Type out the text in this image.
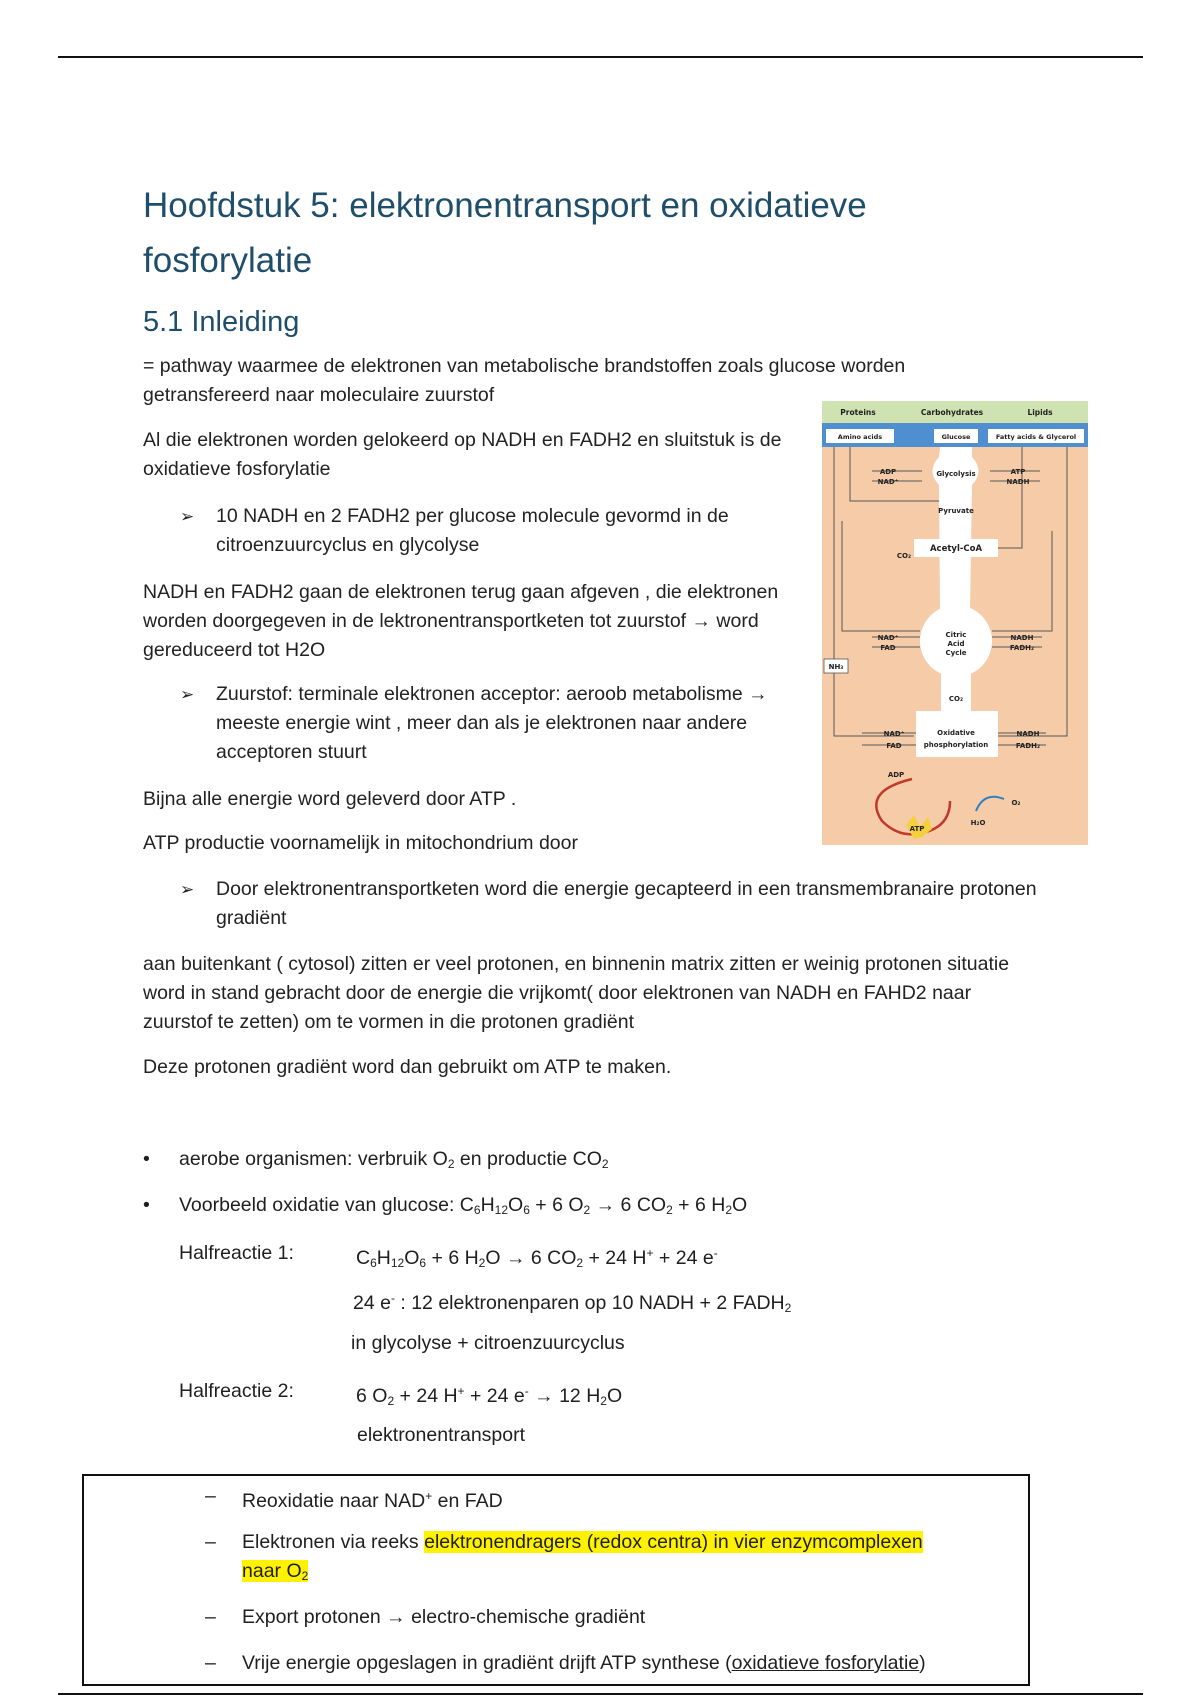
Hoofdstuk 5: elektronentransport en oxidatieve fosforylatie
5.1 Inleiding
= pathway waarmee de elektronen van metabolische brandstoffen zoals glucose worden getransfereerd naar moleculaire zuurstof
Al die elektronen worden gelokeerd op NADH en FADH2 en sluitstuk is de oxidatieve fosforylatie
➢ 10 NADH en 2 FADH2 per glucose molecule gevormd in de citroenzuurcyclus en glycolyse
NADH en FADH2 gaan de elektronen terug gaan afgeven , die elektronen worden doorgegeven in de lektronentransportketen tot zuurstof → word gereduceerd tot H2O
➢ Zuurstof: terminale elektronen acceptor: aeroob metabolisme → meeste energie wint , meer dan als je elektronen naar andere acceptoren stuurt
Bijna alle energie word geleverd door ATP .
ATP productie voornamelijk in mitochondrium door
➢ Door elektronentransportketen word die energie gecapteerd in een transmembranaire protonen gradiënt
aan buitenkant ( cytosol) zitten er veel protonen, en binnenin matrix zitten er weinig protonen situatie word in stand gebracht door de energie die vrijkomt( door elektronen van NADH en FAHD2 naar zuurstof te zetten) om te vormen in die protonen gradiënt
Deze protonen gradiënt word dan gebruikt om ATP te maken.
• aerobe organismen: verbruik $O_2$ en productie $CO_2$
• Voorbeeld oxidatie van glucose: $C_6H_{12}O_6 + 6$ $O_2 \to 6$ $CO_2 + 6$ $H_2O$
Halfreactie 1:	$C_6H_{12}O_6 + 6$ $H_2O \to 6$ $CO_2 + 24$ H+ + 24 e-
24 e- : 12 elektronenparen op 10 NADH + 2 $FADH_2$
in glycolyse + citroenzuurcyclus
Halfreactie 2:	6 $O_2 + 24$ H+ + 24 e- → 12 $H_2O$
elektronentransport
– Reoxidatie naar NAD+ en FAD
– Elektronen via reeks elektronendragers (redox centra) in vier enzymcomplexen
naar $O_2$
– Export protonen → electro-chemische gradiënt
– Vrije energie opgeslagen in gradiënt drijft ATP synthese (oxidatieve fosforylatie)
Proteins	Carbohydrates	Lipids
Amino acids	Glucose	Fatty acids & Glycerol
ADP
NAD⁺
Glycolysis	ATP
NADH
Pyruvate
CO₂
Acetyl-CoA
Citric
Acid
Cycle
NAD⁺
FAD
NADH
FADH₂
CO₂
Oxidative
phosphorylation
NAD⁺
FAD
NADH
FADH₂
ADP
O₂
H₂O
NH₃
ATP
